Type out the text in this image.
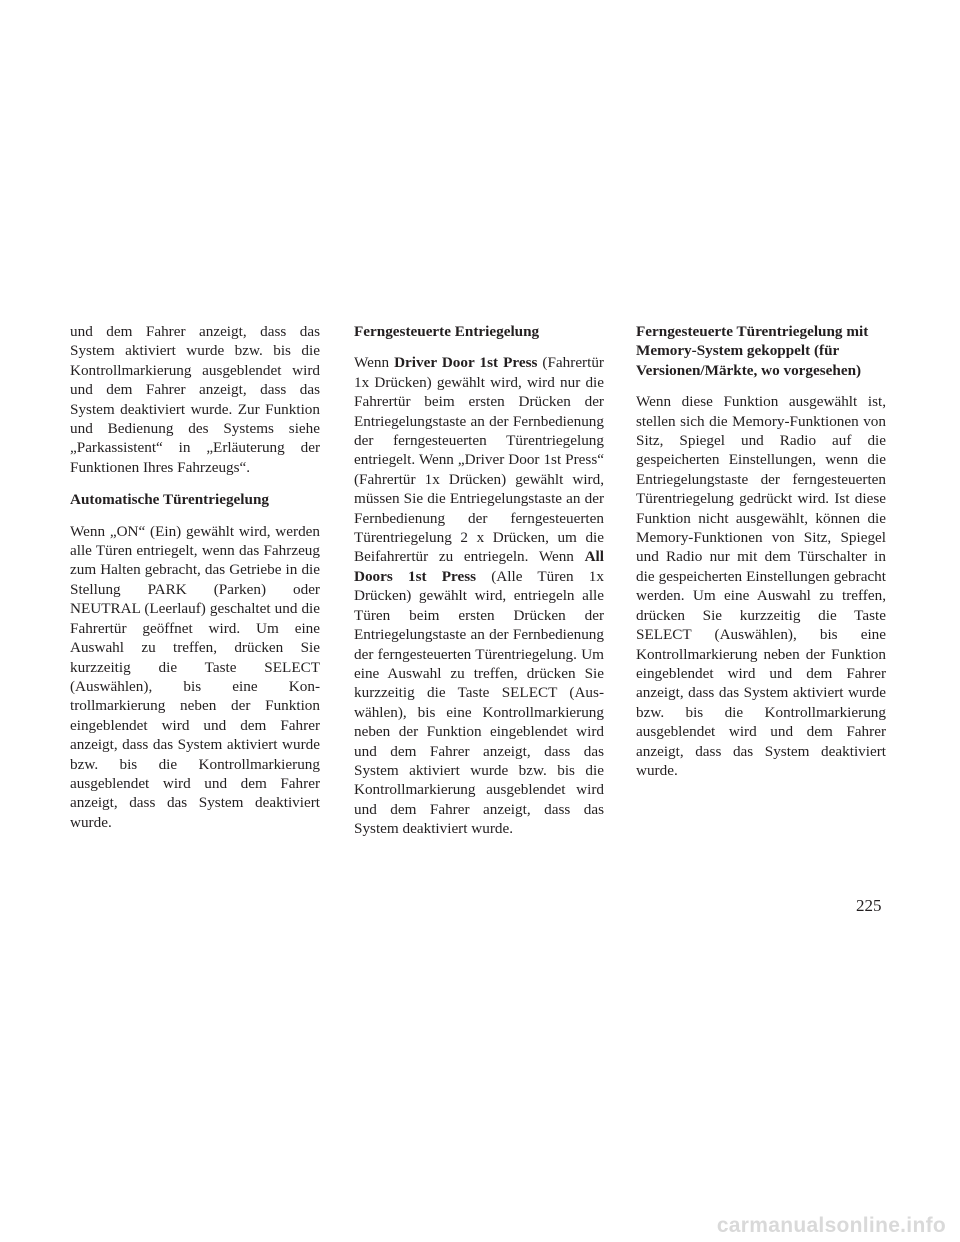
und dem Fahrer anzeigt, dass das System aktiviert wurde bzw. bis die Kontrollmarkierung ausgeblendet wird und dem Fahrer anzeigt, dass das System deaktiviert wurde. Zur Funktion und Bedienung des Systems siehe „Parkassistent“ in „Erläuterung der Funktionen Ihres Fahrzeugs“.

Automatische Türentriegelung

Wenn „ON“ (Ein) gewählt wird, werden alle Türen entriegelt, wenn das Fahrzeug zum Halten gebracht, das Getriebe in die Stellung PARK (Parken) oder NEUTRAL (Leerlauf) geschaltet und die Fahrertür geöffnet wird. Um eine Auswahl zu treffen, drücken Sie kurzzeitig die Taste SELECT (Auswählen), bis eine Kontrollmarkierung neben der Funktion eingeblendet wird und dem Fahrer anzeigt, dass das System aktiviert wurde bzw. bis die Kontrollmarkierung ausgeblendet wird und dem Fahrer anzeigt, dass das System deaktiviert wurde.

Ferngesteuerte Entriegelung

Wenn Driver Door 1st Press (Fahrertür 1x Drücken) gewählt wird, wird nur die Fahrertür beim ersten Drücken der Entriegelungstaste an der Fernbedienung der ferngesteuerten Türentriegelung entriegelt. Wenn „Driver Door 1st Press“ (Fahrertür 1x Drücken) gewählt wird, müssen Sie die Entriegelungstaste an der Fernbedienung der ferngesteuerten Türentriegelung 2 x Drücken, um die Beifahrertür zu entriegeln. Wenn All Doors 1st Press (Alle Türen 1x Drücken) gewählt wird, entriegeln alle Türen beim ersten Drücken der Entriegelungstaste an der Fernbedienung der ferngesteuerten Türentriegelung. Um eine Auswahl zu treffen, drücken Sie kurzzeitig die Taste SELECT (Auswählen), bis eine Kontrollmarkierung neben der Funktion eingeblendet wird und dem Fahrer anzeigt, dass das System aktiviert wurde bzw. bis die Kontrollmarkierung ausgeblendet wird und dem Fahrer anzeigt, dass das System deaktiviert wurde.

Ferngesteuerte Türentriegelung mit Memory-System gekoppelt (für Versionen/Märkte, wo vorgesehen)

Wenn diese Funktion ausgewählt ist, stellen sich die Memory-Funktionen von Sitz, Spiegel und Radio auf die gespeicherten Einstellungen, wenn die Entriegelungstaste der ferngesteuerten Türentriegelung gedrückt wird. Ist diese Funktion nicht ausgewählt, können die Memory-Funktionen von Sitz, Spiegel und Radio nur mit dem Türschalter in die gespeicherten Einstellungen gebracht werden. Um eine Auswahl zu treffen, drücken Sie kurzzeitig die Taste SELECT (Auswählen), bis eine Kontrollmarkierung neben der Funktion eingeblendet wird und dem Fahrer anzeigt, dass das System aktiviert wurde bzw. bis die Kontrollmarkierung ausgeblendet wird und dem Fahrer anzeigt, dass das System deaktiviert wurde.

225
carmanualsonline.info
